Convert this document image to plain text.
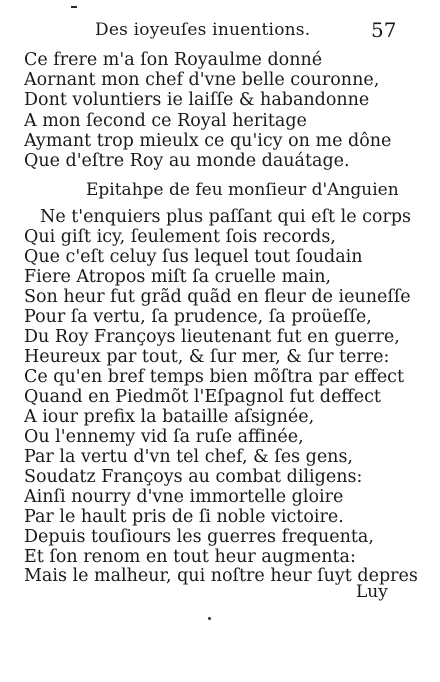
Des ioyeuſes inuentions.	57
Ce frere m'a ſon Royaulme donné
Aornant mon chef d'vne belle couronne,
Dont voluntiers ie laiſſe & habandonne
A mon ſecond ce Royal heritage
Aymant trop mieulx ce qu'icy on me dône
Que d'eſtre Roy au monde dauátage.
Epitahpe de feu monſieur d'Anguien
Ne t'enquiers plus paſſant qui eſt le corps
Qui giſt icy, ſeulement ſois records,
Que c'eſt celuy ſus lequel tout ſoudain
Fiere Atropos miſt ſa cruelle main,
Son heur fut grãd quãd en fleur de ieuneſſe
Pour ſa vertu, ſa prudence, ſa proüeſſe,
Du Roy Françoys lieutenant fut en guerre,
Heureux par tout, & ſur mer, & ſur terre:
Ce qu'en bref temps bien mõſtra par effect
Quand en Piedmõt l'Eſpagnol fut deffect
A iour prefix la bataille aſsignée,
Ou l'ennemy vid ſa ruſe affinée,
Par la vertu d'vn tel chef, & ſes gens,
Soudatz Françoys au combat diligens:
Ainſi nourry d'vne immortelle gloire
Par le hault pris de ſi noble victoire.
Depuis touſiours les guerres frequenta,
Et ſon renom en tout heur augmenta:
Mais le malheur, qui noſtre heur ſuyt depres
Luy
